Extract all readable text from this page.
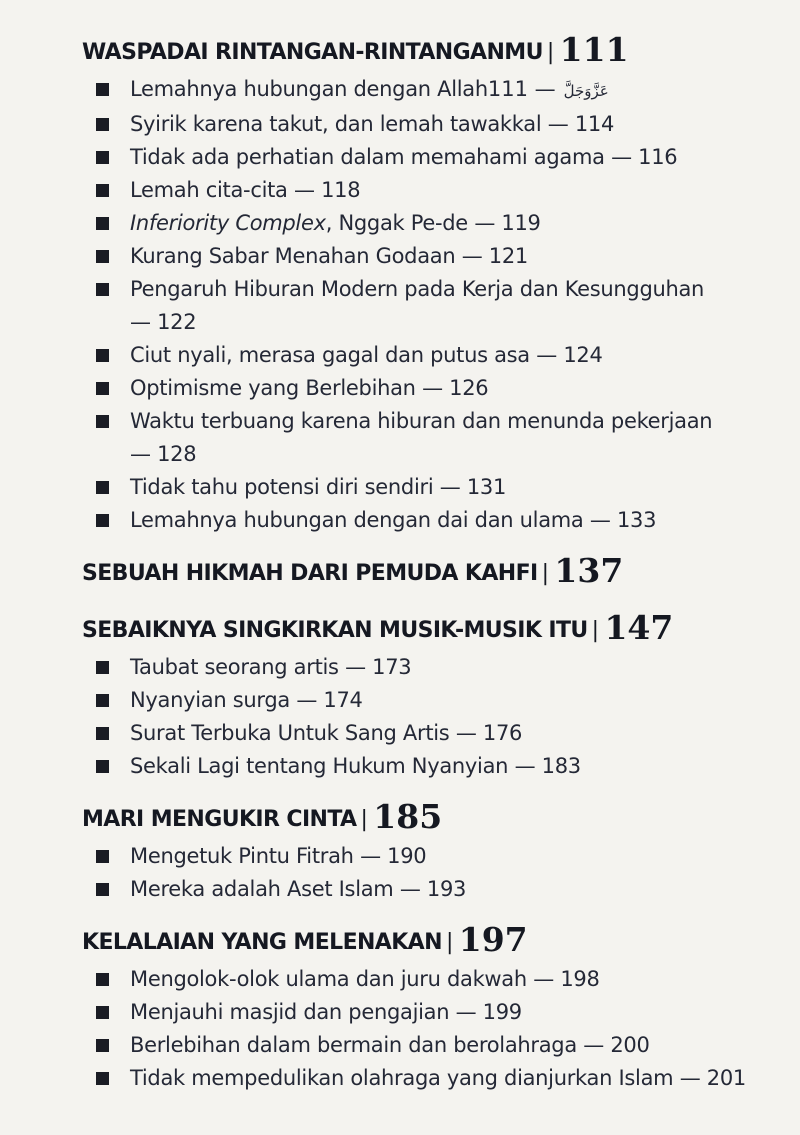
WASPADAI RINTANGAN-RINTANGANMU | 111
Lemahnya hubungan dengan Allah	عَزَّوَجَلَّ— 111
Syirik karena takut, dan lemah tawakkal — 114
Tidak ada perhatian dalam memahami agama — 116
Lemah cita-cita — 118
Inferiority Complex, Nggak Pe-de — 119
Kurang Sabar Menahan Godaan — 121
Pengaruh Hiburan Modern pada Kerja dan Kesungguhan — 122
Ciut nyali, merasa gagal dan putus asa — 124
Optimisme yang Berlebihan — 126
Waktu terbuang karena hiburan dan menunda pekerjaan — 128
Tidak tahu potensi diri sendiri — 131
Lemahnya hubungan dengan dai dan ulama — 133
SEBUAH HIKMAH DARI PEMUDA KAHFI | 137
SEBAIKNYA SINGKIRKAN MUSIK-MUSIK ITU | 147
Taubat seorang artis — 173
Nyanyian surga — 174
Surat Terbuka Untuk Sang Artis — 176
Sekali Lagi tentang Hukum Nyanyian — 183
MARI MENGUKIR CINTA | 185
Mengetuk Pintu Fitrah — 190
Mereka adalah Aset Islam — 193
KELALAIAN YANG MELENAKAN | 197
Mengolok-olok ulama dan juru dakwah — 198
Menjauhi masjid dan pengajian — 199
Berlebihan dalam bermain dan berolahraga — 200
Tidak mempedulikan olahraga yang dianjurkan Islam — 201
